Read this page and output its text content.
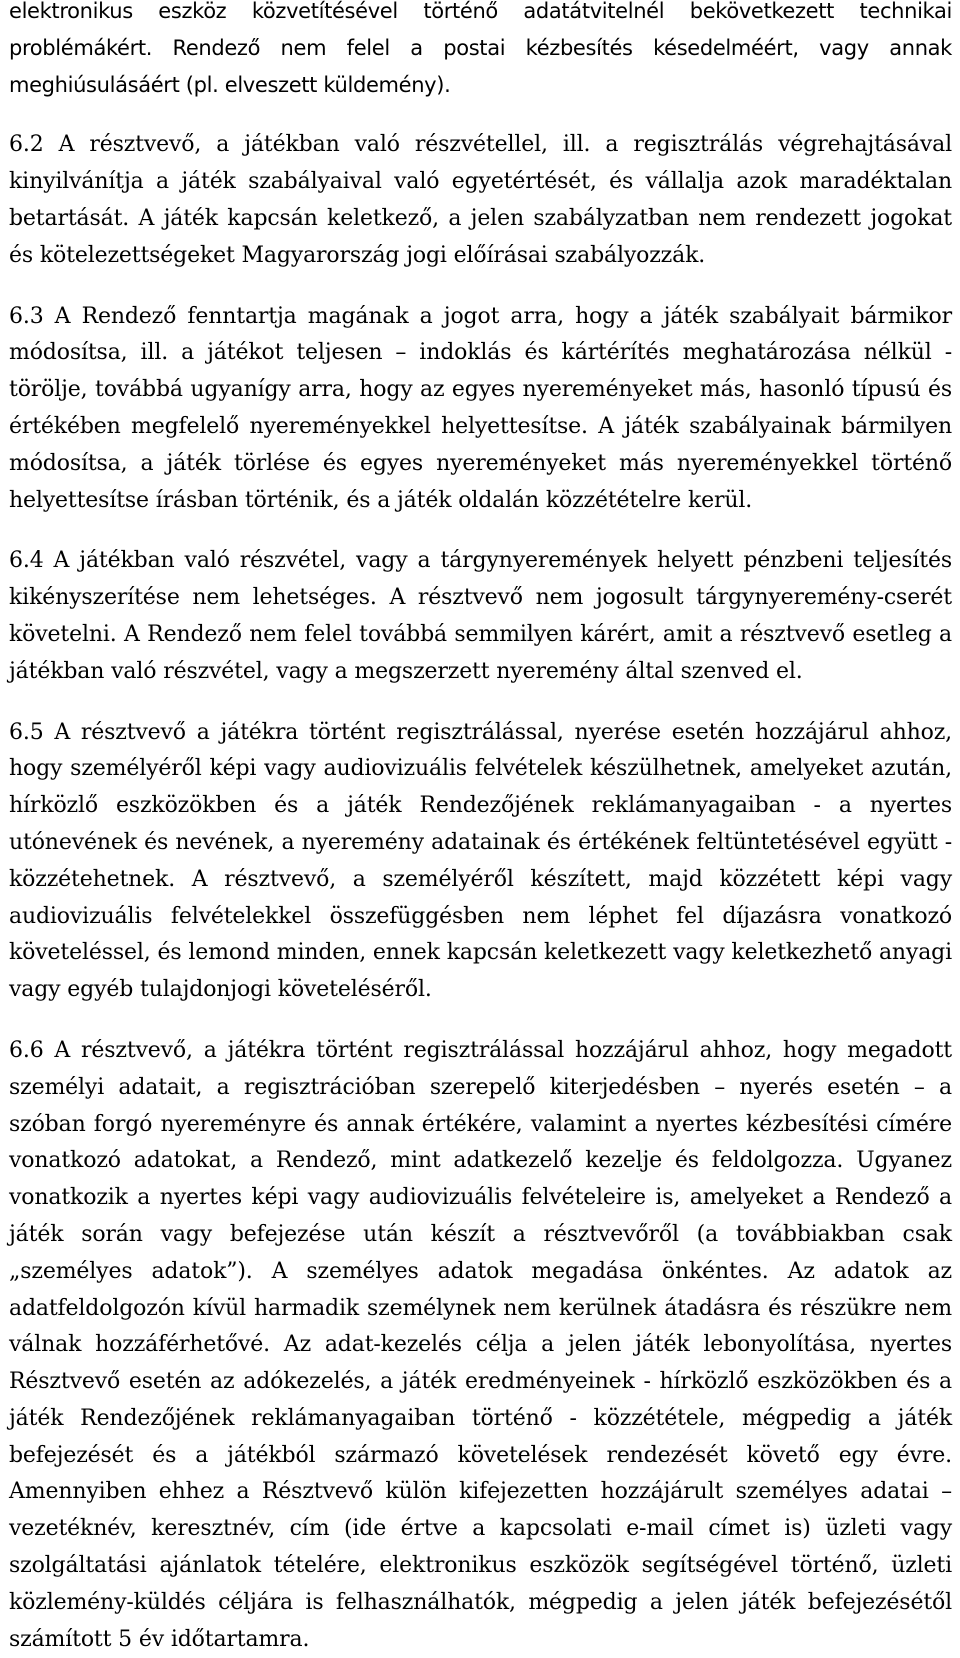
elektronikus eszköz közvetítésével történő adatátvitelnél bekövetkezett technikai problémákért. Rendező nem felel a postai kézbesítés késedelméért, vagy annak meghiúsulásáért (pl. elveszett küldemény).

6.2 A résztvevő, a játékban való részvétellel, ill. a regisztrálás végrehajtásával kinyilvánítja a játék szabályaival való egyetértését, és vállalja azok maradéktalan betartását. A játék kapcsán keletkező, a jelen szabályzatban nem rendezett jogokat és kötelezettségeket Magyarország jogi előírásai szabályozzák.

6.3 A Rendező fenntartja magának a jogot arra, hogy a játék szabályait bármikor módosítsa, ill. a játékot teljesen – indoklás és kártérítés meghatározása nélkül - törölje, továbbá ugyanígy arra, hogy az egyes nyereményeket más, hasonló típusú és értékében megfelelő nyereményekkel helyettesítse. A játék szabályainak bármilyen módosítsa, a játék törlése és egyes nyereményeket más nyereményekkel történő helyettesítse írásban történik, és a játék oldalán közzétételre kerül.

6.4 A játékban való részvétel, vagy a tárgynyeremények helyett pénzbeni teljesítés kikényszerítése nem lehetséges. A résztvevő nem jogosult tárgynyeremény-cserét követelni. A Rendező nem felel továbbá semmilyen kárért, amit a résztvevő esetleg a játékban való részvétel, vagy a megszerzett nyeremény által szenved el.

6.5 A résztvevő a játékra történt regisztrálással, nyerése esetén hozzájárul ahhoz, hogy személyéről képi vagy audiovizuális felvételek készülhetnek, amelyeket azután, hírközlő eszközökben és a játék Rendezőjének reklámanyagaiban - a nyertes utónevének és nevének, a nyeremény adatainak és értékének feltüntetésével együtt - közzétehetnek. A résztvevő, a személyéről készített, majd közzétett képi vagy audiovizuális felvételekkel összefüggésben nem léphet fel díjazásra vonatkozó követeléssel, és lemond minden, ennek kapcsán keletkezett vagy keletkezhető anyagi vagy egyéb tulajdonjogi követeléséről.

6.6 A résztvevő, a játékra történt regisztrálással hozzájárul ahhoz, hogy megadott személyi adatait, a regisztrációban szerepelő kiterjedésben – nyerés esetén – a szóban forgó nyereményre és annak értékére, valamint a nyertes kézbesítési címére vonatkozó adatokat, a Rendező, mint adatkezelő kezelje és feldolgozza. Ugyanez vonatkozik a nyertes képi vagy audiovizuális felvételeire is, amelyeket a Rendező a játék során vagy befejezése után készít a résztvevőről (a továbbiakban csak „személyes adatok”). A személyes adatok megadása önkéntes. Az adatok az adatfeldolgozón kívül harmadik személynek nem kerülnek átadásra és részükre nem válnak hozzáférhetővé. Az adat-kezelés célja a jelen játék lebonyolítása, nyertes Résztvevő esetén az adókezelés, a játék eredményeinek - hírközlő eszközökben és a játék Rendezőjének reklámanyagaiban történő - közzététele, mégpedig a játék befejezését és a játékból származó követelések rendezését követő egy évre. Amennyiben ehhez a Résztvevő külön kifejezetten hozzájárult személyes adatai –vezetéknév, keresztnév, cím (ide értve a kapcsolati e-mail címet is) üzleti vagy szolgáltatási ajánlatok tételére, elektronikus eszközök segítségével történő, üzleti közlemény-küldés céljára is felhasználhatók, mégpedig a jelen játék befejezésétől számított 5 év időtartamra.
